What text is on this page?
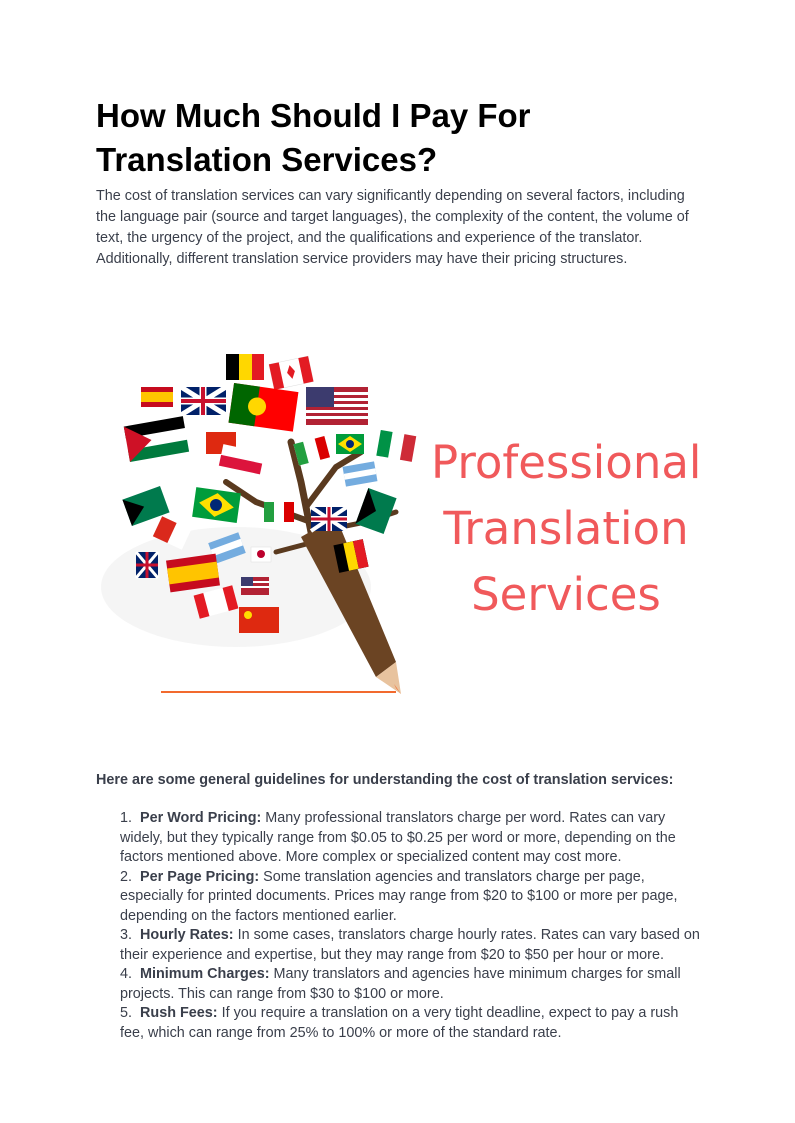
How Much Should I Pay For
Translation Services?

The cost of translation services can vary significantly depending on several factors, including the language pair (source and target languages), the complexity of the content, the volume of text, the urgency of the project, and the qualifications and experience of the translator. Additionally, different translation service providers may have their pricing structures.

Professional
Translation
Services

Here are some general guidelines for understanding the cost of translation services:

1. Per Word Pricing: Many professional translators charge per word. Rates can vary widely, but they typically range from $0.05 to $0.25 per word or more, depending on the factors mentioned above. More complex or specialized content may cost more.
2. Per Page Pricing: Some translation agencies and translators charge per page, especially for printed documents. Prices may range from $20 to $100 or more per page, depending on the factors mentioned earlier.
3. Hourly Rates: In some cases, translators charge hourly rates. Rates can vary based on their experience and expertise, but they may range from $20 to $50 per hour or more.
4. Minimum Charges: Many translators and agencies have minimum charges for small projects. This can range from $30 to $100 or more.
5. Rush Fees: If you require a translation on a very tight deadline, expect to pay a rush fee, which can range from 25% to 100% or more of the standard rate.
